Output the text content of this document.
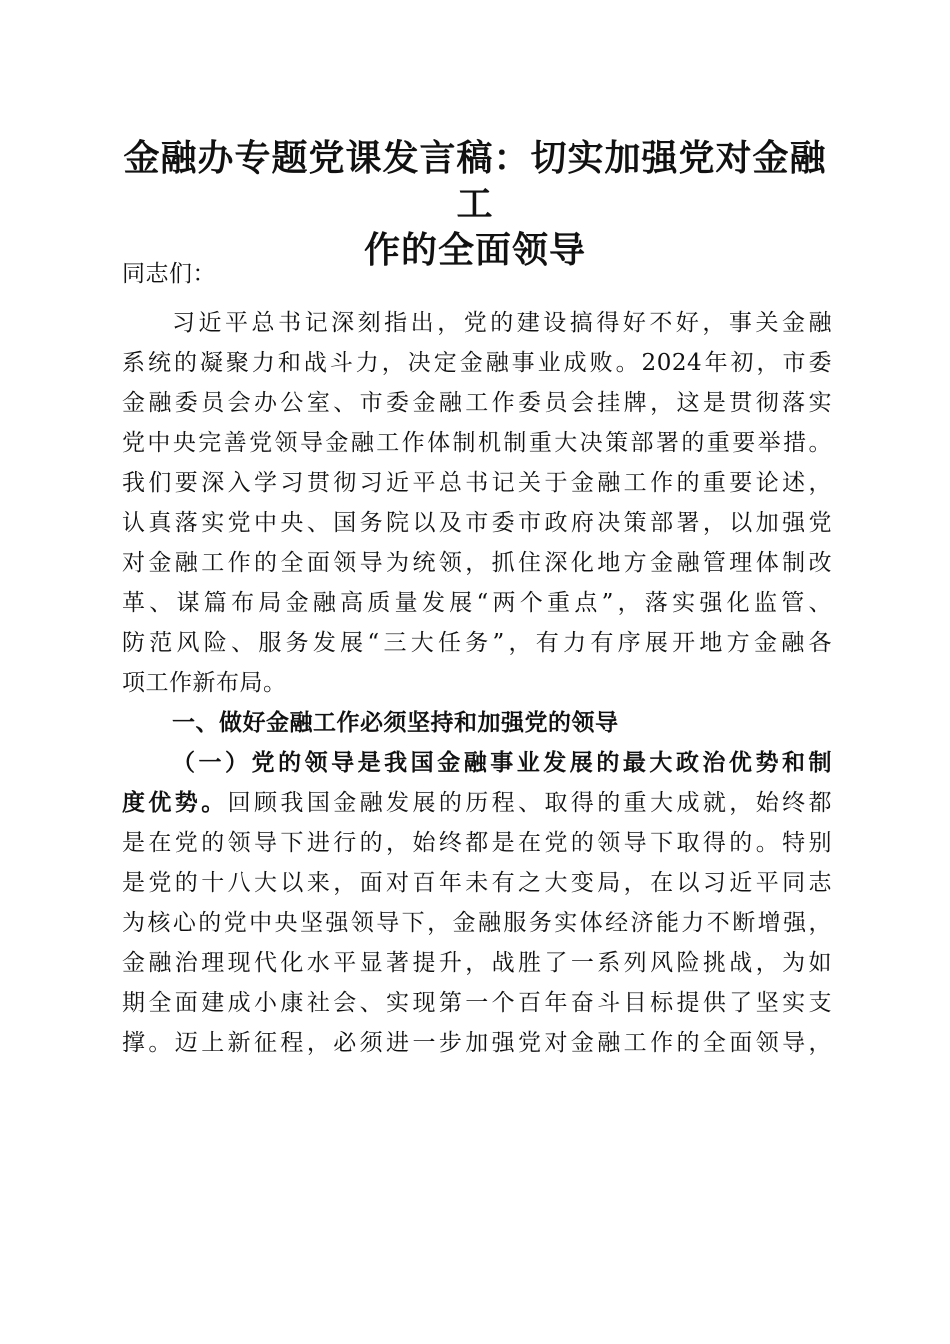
金融办专题党课发言稿：切实加强党对金融工
作的全面领导
同志们：
习近平总书记深刻指出，党的建设搞得好不好，事关金融
系统的凝聚力和战斗力，决定金融事业成败。2024年初，市委
金融委员会办公室、市委金融工作委员会挂牌，这是贯彻落实
党中央完善党领导金融工作体制机制重大决策部署的重要举措。
我们要深入学习贯彻习近平总书记关于金融工作的重要论述，
认真落实党中央、国务院以及市委市政府决策部署，以加强党
对金融工作的全面领导为统领，抓住深化地方金融管理体制改
革、谋篇布局金融高质量发展“两个重点”，落实强化监管、
防范风险、服务发展“三大任务”，有力有序展开地方金融各
项工作新布局。
一、做好金融工作必须坚持和加强党的领导
（一）党的领导是我国金融事业发展的最大政治优势和制
度优势。回顾我国金融发展的历程、取得的重大成就，始终都
是在党的领导下进行的，始终都是在党的领导下取得的。特别
是党的十八大以来，面对百年未有之大变局，在以习近平同志
为核心的党中央坚强领导下，金融服务实体经济能力不断增强，
金融治理现代化水平显著提升，战胜了一系列风险挑战，为如
期全面建成小康社会、实现第一个百年奋斗目标提供了坚实支
撑。迈上新征程，必须进一步加强党对金融工作的全面领导，
